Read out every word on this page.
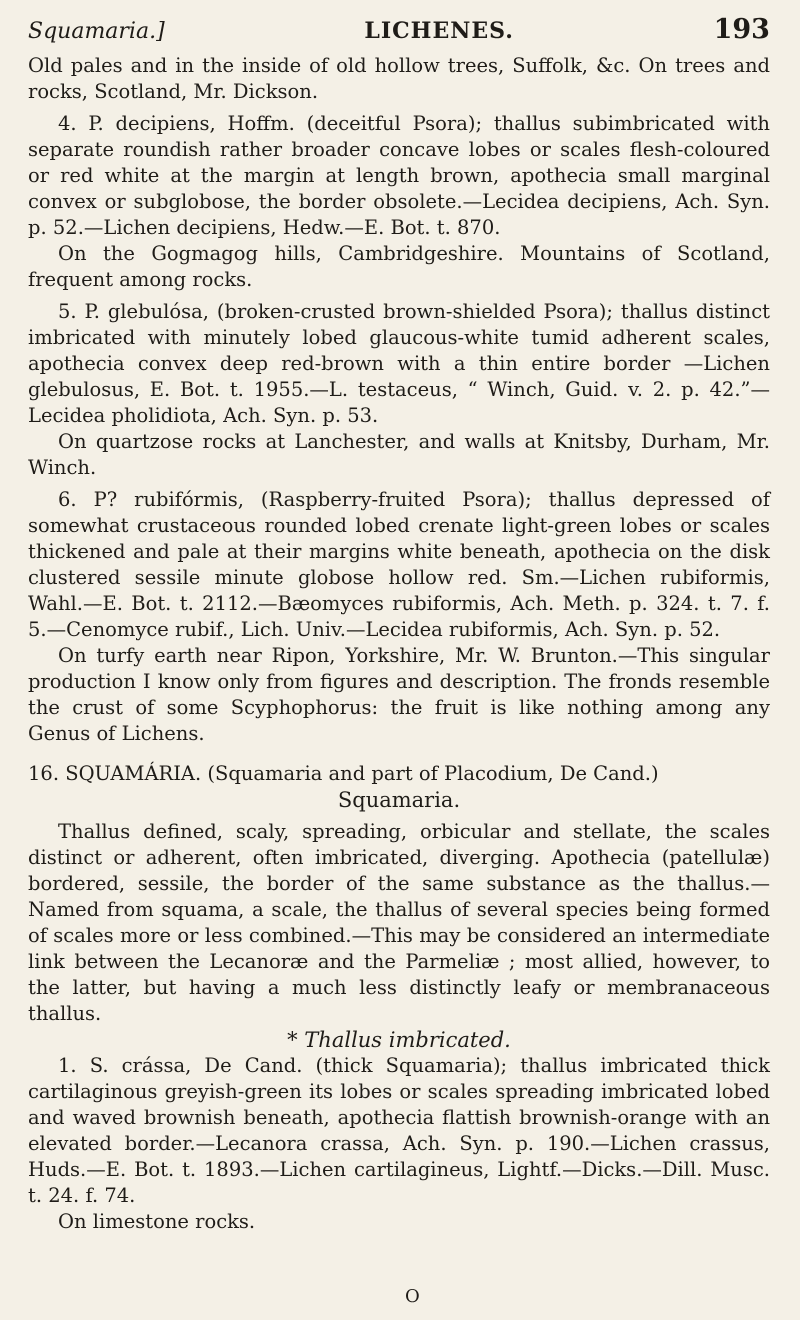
Squamaria.]	LICHENES.	193

Old pales and in the inside of old hollow trees, Suffolk, &c. On trees and rocks, Scotland, Mr. Dickson.

4. P. decipiens, Hoffm. (deceitful Psora); thallus subimbricated with separate roundish rather broader concave lobes or scales flesh-coloured or red white at the margin at length brown, apothecia small marginal convex or subglobose, the border obsolete.—Lecidea decipiens, Ach. Syn. p. 52.—Lichen decipiens, Hedw.—E. Bot. t. 870.

On the Gogmagog hills, Cambridgeshire. Mountains of Scotland, frequent among rocks.

5. P. glebulósa, (broken-crusted brown-shielded Psora); thallus distinct imbricated with minutely lobed glaucous-white tumid adherent scales, apothecia convex deep red-brown with a thin entire border —Lichen glebulosus, E. Bot. t. 1955.—L. testaceus, “ Winch, Guid. v. 2. p. 42.”—Lecidea pholidiota, Ach. Syn. p. 53.

On quartzose rocks at Lanchester, and walls at Knitsby, Durham, Mr. Winch.

6. P? rubifórmis, (Raspberry-fruited Psora); thallus depressed of somewhat crustaceous rounded lobed crenate light-green lobes or scales thickened and pale at their margins white beneath, apothecia on the disk clustered sessile minute globose hollow red. Sm.—Lichen rubiformis, Wahl.—E. Bot. t. 2112.—Bæomyces rubiformis, Ach. Meth. p. 324. t. 7. f. 5.—Cenomyce rubif., Lich. Univ.—Lecidea rubiformis, Ach. Syn. p. 52.

On turfy earth near Ripon, Yorkshire, Mr. W. Brunton.—This singular production I know only from figures and description. The fronds resemble the crust of some Scyphophorus: the fruit is like nothing among any Genus of Lichens.

16. SQUAMÁRIA. (Squamaria and part of Placodium, De Cand.)

Squamaria.

Thallus defined, scaly, spreading, orbicular and stellate, the scales distinct or adherent, often imbricated, diverging. Apothecia (patellulæ) bordered, sessile, the border of the same substance as the thallus.—Named from squama, a scale, the thallus of several species being formed of scales more or less combined.—This may be considered an intermediate link between the Lecanoræ and the Parmeliæ ; most allied, however, to the latter, but having a much less distinctly leafy or membranaceous thallus.

* Thallus imbricated.

1. S. crássa, De Cand. (thick Squamaria); thallus imbricated thick cartilaginous greyish-green its lobes or scales spreading imbricated lobed and waved brownish beneath, apothecia flattish brownish-orange with an elevated border.—Lecanora crassa, Ach. Syn. p. 190.—Lichen crassus, Huds.—E. Bot. t. 1893.—Lichen cartilagineus, Lightf.—Dicks.—Dill. Musc. t. 24. f. 74.

On limestone rocks.

O
